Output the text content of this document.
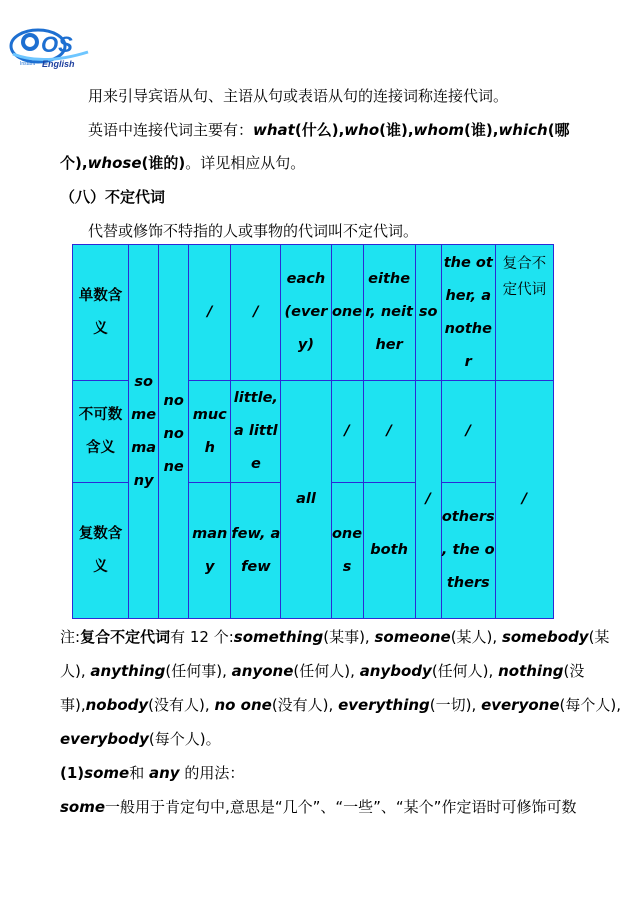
OS
Instant English
用来引导宾语从句、主语从句或表语从句的连接词称连接代词。
英语中连接代词主要有：what(什么),who(谁),whom(谁),which(哪
个),whose(谁的)。详见相应从句。
（八）不定代词
代替或修饰不特指的人或事物的代词叫不定代词。
单数含义	some many	no none	/	/	each (every)	one	either, neither	so	the other, another	复合不定代词
不可数含义			much	little, a little	all	/	/	/	/	/
复数含义			many	few, a few		ones	both		others , the others	
注:复合不定代词有 12 个:something(某事), someone(某人), somebody(某
人), anything(任何事), anyone(任何人), anybody(任何人), nothing(没
事),nobody(没有人), no one(没有人), everything(一切), everyone(每个人),
everybody(每个人)。
(1)some和 any 的用法：
some一般用于肯定句中,意思是“几个”、“一些”、“某个”作定语时可修饰可数
